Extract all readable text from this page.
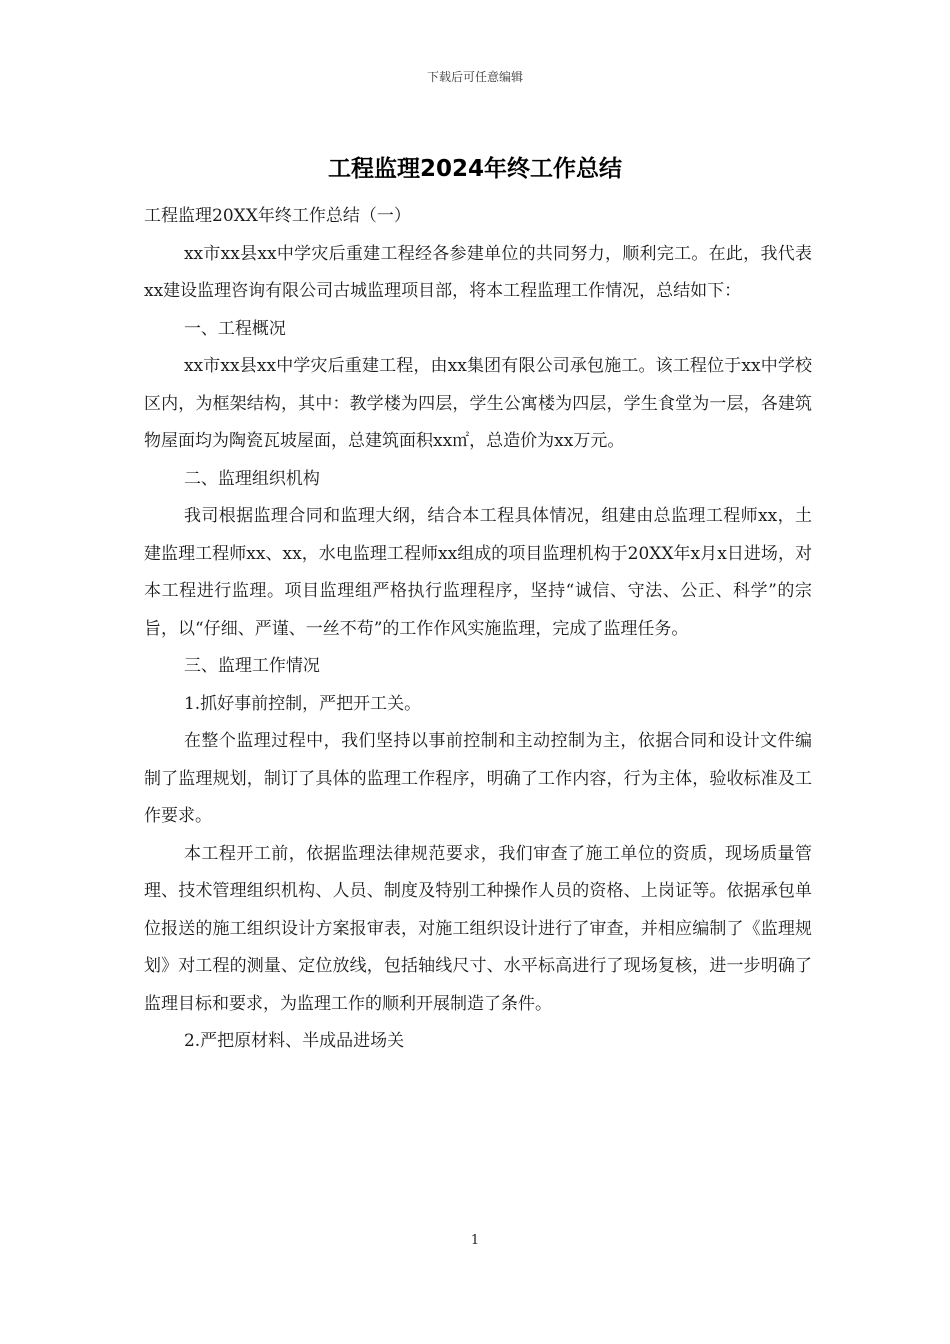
下载后可任意编辑
工程监理2024年终工作总结

工程监理20XX年终工作总结（一）

xx市xx县xx中学灾后重建工程经各参建单位的共同努力，顺利完工。在此，我代表xx建设监理咨询有限公司古城监理项目部，将本工程监理工作情况，总结如下：

一、工程概况

xx市xx县xx中学灾后重建工程，由xx集团有限公司承包施工。该工程位于xx中学校区内，为框架结构，其中：教学楼为四层，学生公寓楼为四层，学生食堂为一层，各建筑物屋面均为陶瓷瓦坡屋面，总建筑面积xx㎡，总造价为xx万元。

二、监理组织机构

我司根据监理合同和监理大纲，结合本工程具体情况，组建由总监理工程师xx，土建监理工程师xx、xx，水电监理工程师xx组成的项目监理机构于20XX年x月x日进场，对本工程进行监理。项目监理组严格执行监理程序，坚持“诚信、守法、公正、科学”的宗旨，以“仔细、严谨、一丝不苟”的工作作风实施监理，完成了监理任务。

三、监理工作情况

1.抓好事前控制，严把开工关。

在整个监理过程中，我们坚持以事前控制和主动控制为主，依据合同和设计文件编制了监理规划，制订了具体的监理工作程序，明确了工作内容，行为主体，验收标准及工作要求。

本工程开工前，依据监理法律规范要求，我们审查了施工单位的资质，现场质量管理、技术管理组织机构、人员、制度及特别工种操作人员的资格、上岗证等。依据承包单位报送的施工组织设计方案报审表，对施工组织设计进行了审查，并相应编制了《监理规划》对工程的测量、定位放线，包括轴线尺寸、水平标高进行了现场复核，进一步明确了监理目标和要求，为监理工作的顺利开展制造了条件。

2.严把原材料、半成品进场关

1
